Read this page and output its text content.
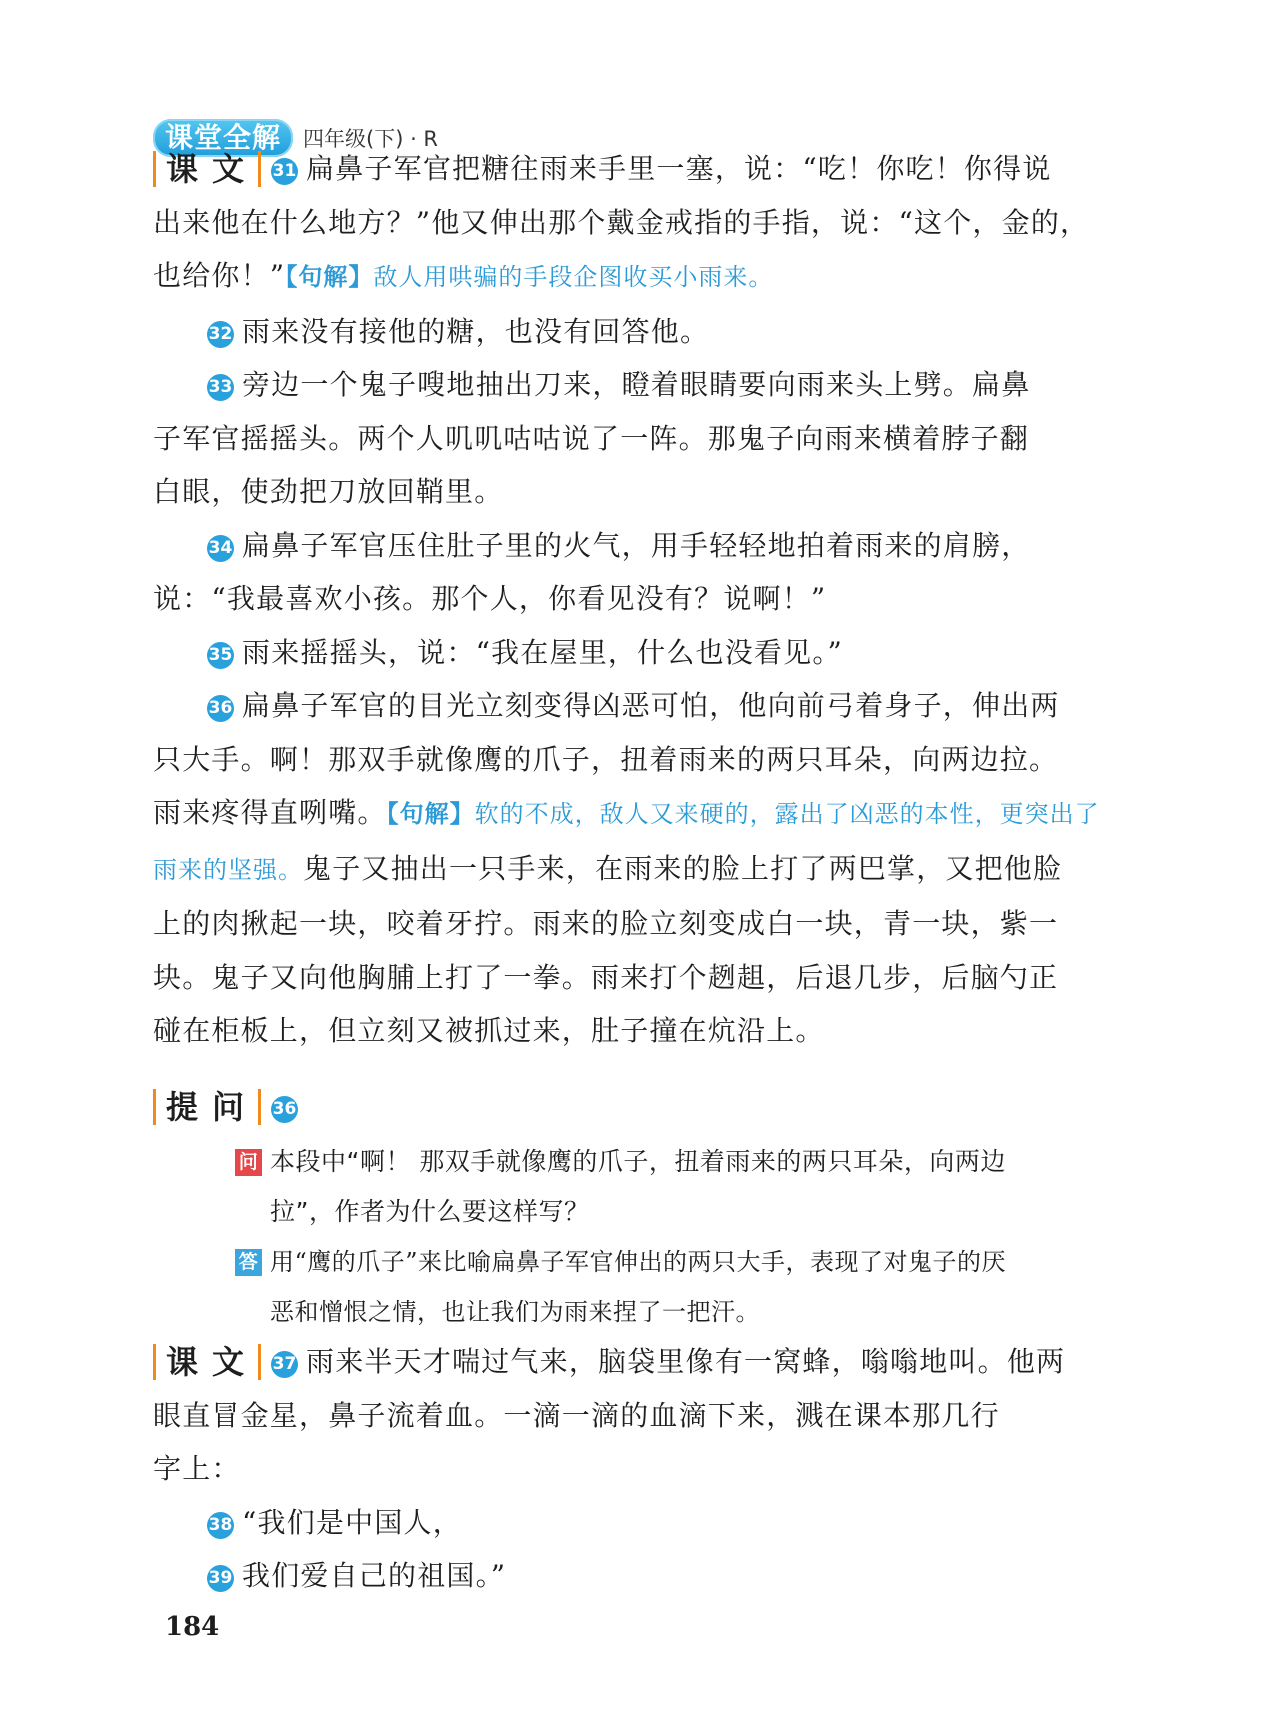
课堂全解	四年级(下) · R
课文 31 扁鼻子军官把糖往雨来手里一塞，说：“吃！你吃！你得说
出来他在什么地方？”他又伸出那个戴金戒指的手指，说：“这个，金的，
也给你！”【句解】敌人用哄骗的手段企图收买小雨来。
32 雨来没有接他的糖，也没有回答他。
33 旁边一个鬼子嗖地抽出刀来，瞪着眼睛要向雨来头上劈。扁鼻
子军官摇摇头。两个人叽叽咕咕说了一阵。那鬼子向雨来横着脖子翻
白眼，使劲把刀放回鞘里。
34 扁鼻子军官压住肚子里的火气，用手轻轻地拍着雨来的肩膀，
说：“我最喜欢小孩。那个人，你看见没有？说啊！”
35 雨来摇摇头，说：“我在屋里，什么也没看见。”
36 扁鼻子军官的目光立刻变得凶恶可怕，他向前弓着身子，伸出两
只大手。啊！那双手就像鹰的爪子，扭着雨来的两只耳朵，向两边拉。
雨来疼得直咧嘴。【句解】软的不成，敌人又来硬的，露出了凶恶的本性，更突出了
雨来的坚强。鬼子又抽出一只手来，在雨来的脸上打了两巴掌，又把他脸
上的肉揪起一块，咬着牙拧。雨来的脸立刻变成白一块，青一块，紫一
块。鬼子又向他胸脯上打了一拳。雨来打个趔趄，后退几步，后脑勺正
碰在柜板上，但立刻又被抓过来，肚子撞在炕沿上。
提问 36
问 本段中“啊！ 那双手就像鹰的爪子，扭着雨来的两只耳朵，向两边
拉”，作者为什么要这样写？
答 用“鹰的爪子”来比喻扁鼻子军官伸出的两只大手，表现了对鬼子的厌
恶和憎恨之情，也让我们为雨来捏了一把汗。
课文 37 雨来半天才喘过气来，脑袋里像有一窝蜂，嗡嗡地叫。他两
眼直冒金星，鼻子流着血。一滴一滴的血滴下来，溅在课本那几行
字上：
38 “我们是中国人，
39 我们爱自己的祖国。”
184
